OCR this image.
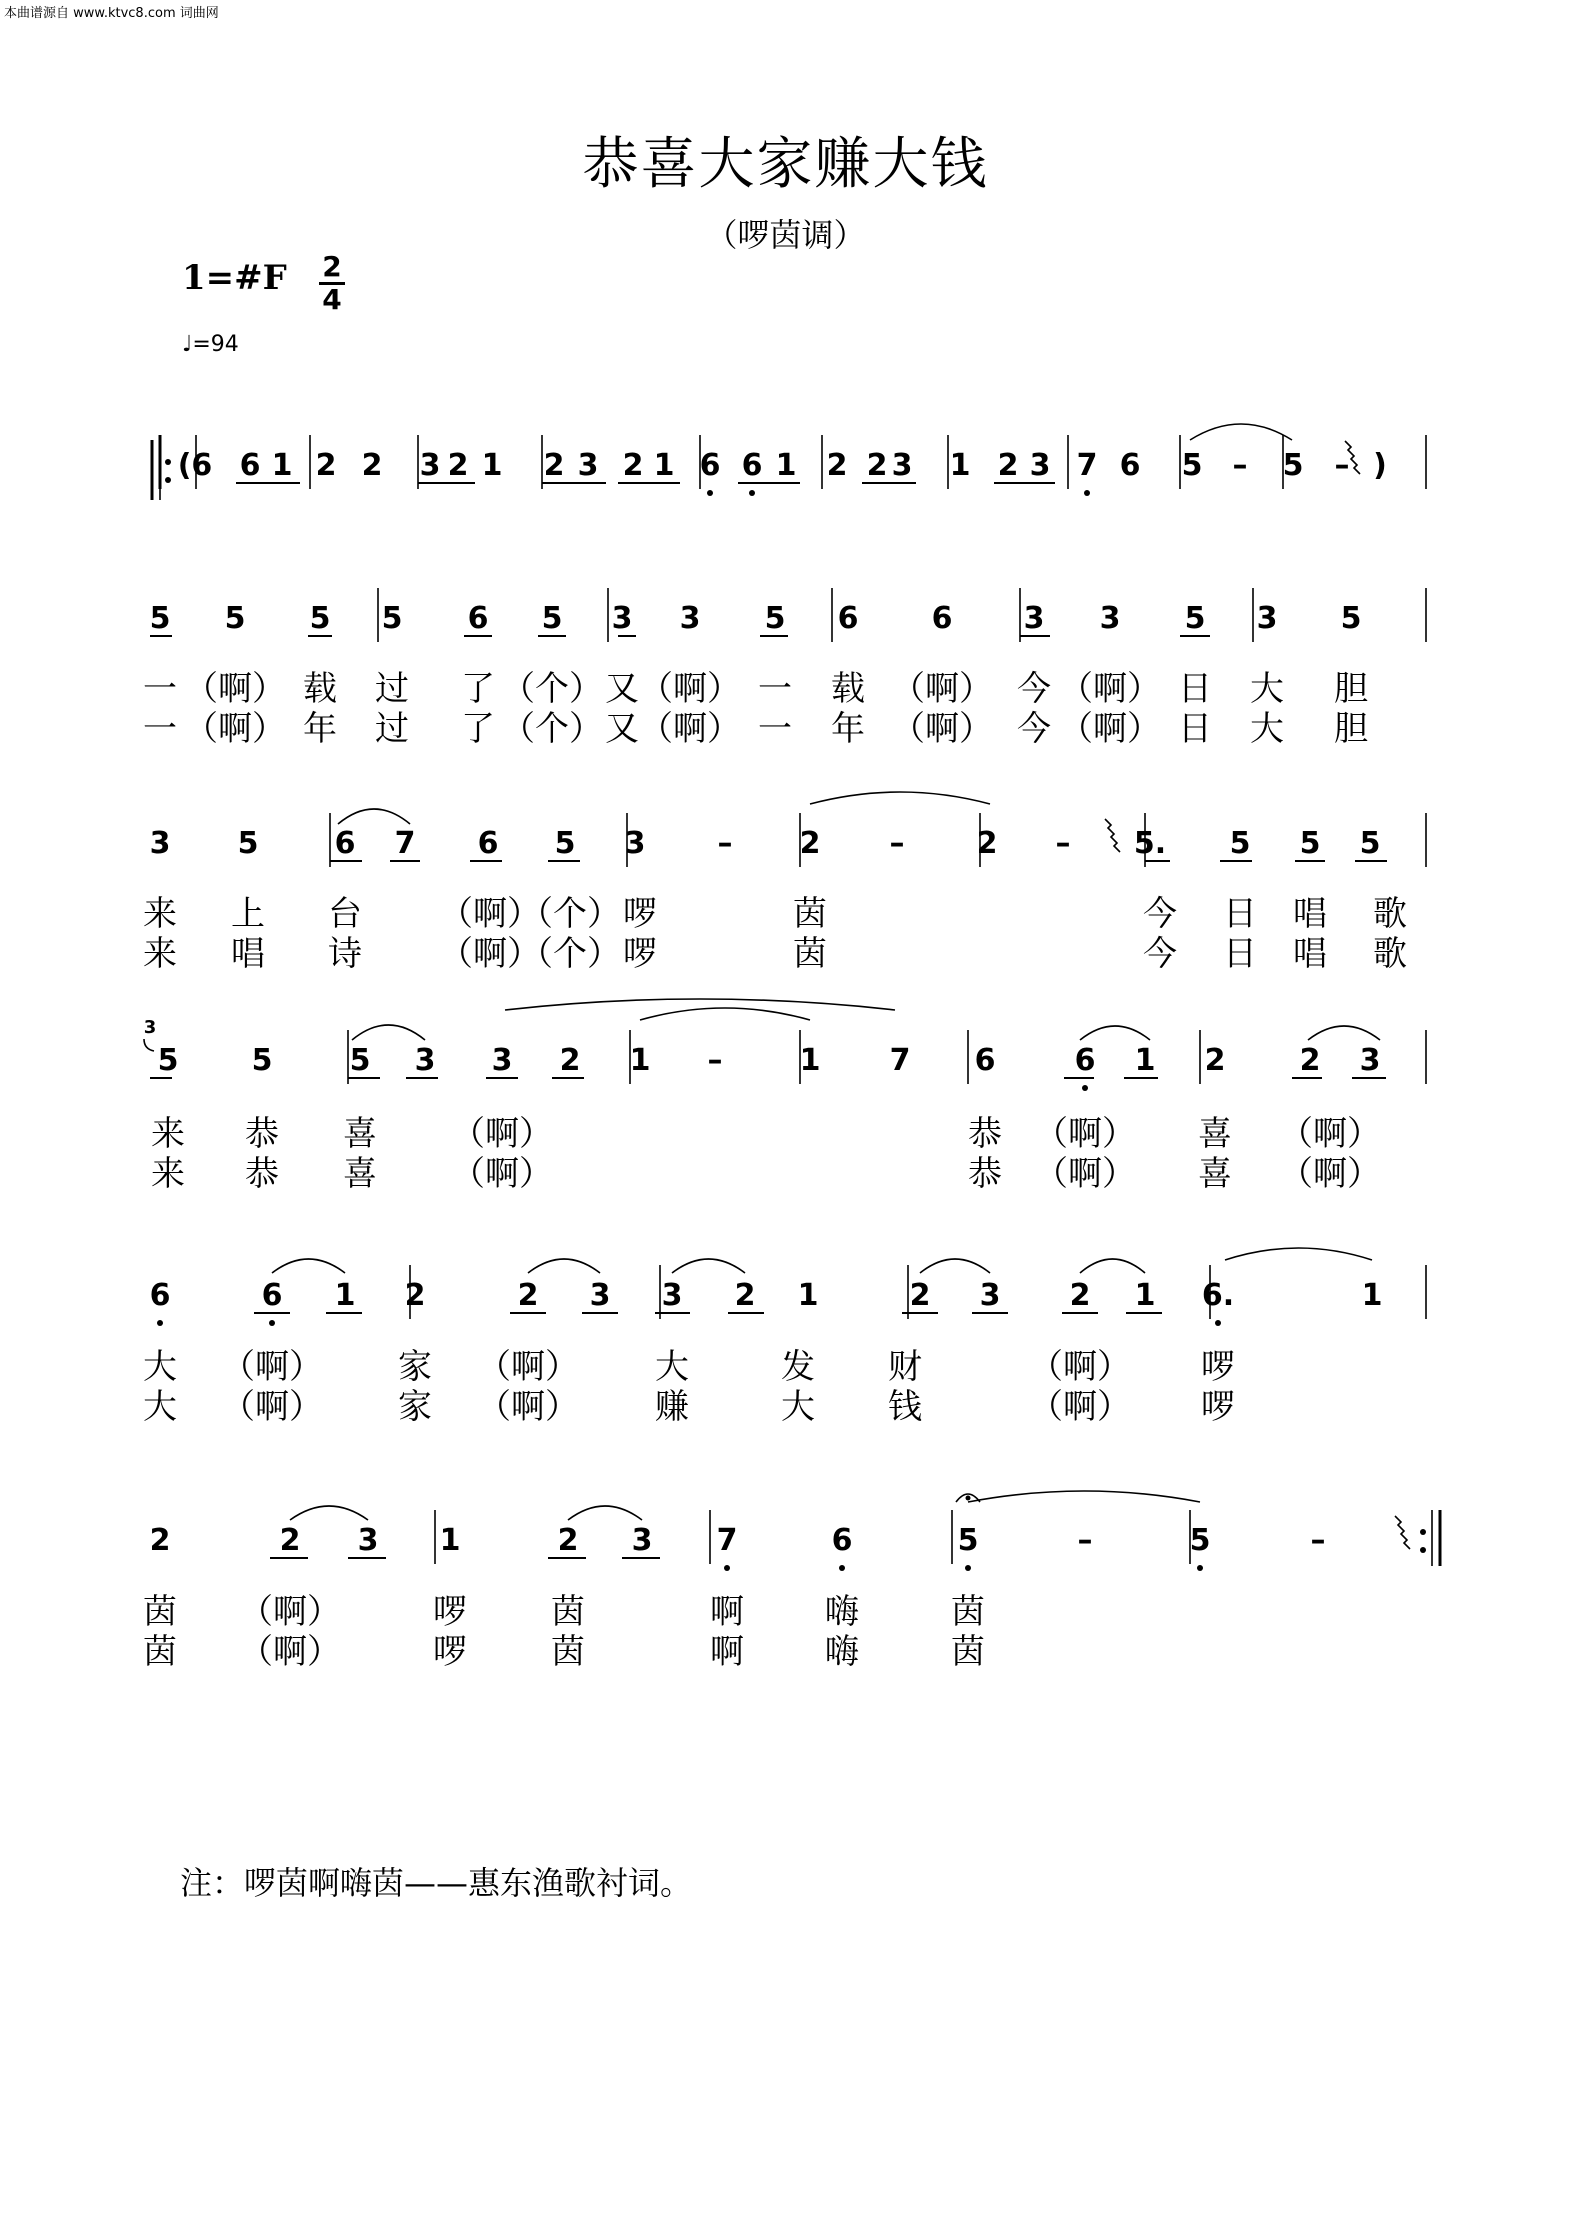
本曲谱源自 www.ktvc8.com 词曲网
恭喜大家赚大钱
（啰茵调）
1=#F 2
4
♩=94
(6 6 1 2 2 3 2 1 2 3 2 1 6 6 1 2 2 3 1 2 3 7 6 5 – 5 – )
5 5 5 5 6 5 3 3 5 6 6 3 3 5 3 5
一 （啊） 载 过 了 （个） 又 （啊） 一 载 （啊） 今 （啊） 日 大 胆
一 （啊） 年 过 了 （个） 又 （啊） 一 年 （啊） 今 （啊） 日 大 胆
3 5	6 7 6 5 3 – 2 – 2 – 5. 5 5 5
来 上 台 （啊）
（个） 啰	茵	今 日 唱 歌
来 唱 诗 （啊）
（个） 啰	茵	今 日 唱 歌
5 5	5 3 3 2 1 –	1 7 6	6 1 2 2 3
3
来 恭 喜 （啊）	恭 （啊） 喜 （啊）
来 恭 喜 （啊）	恭 （啊） 喜 （啊）
6	6 1 2	2 3 3 2 1	2 3 2 1 6.	1
大 （啊） 家 （啊） 大	发 财	（啊） 啰
大 （啊） 家 （啊） 赚	大 钱	（啊） 啰
2	2 3 1	2 3 7	6	5	–	5	–
茵 （啊）	啰 茵	啊 嗨	茵
茵 （啊）	啰 茵	啊 嗨	茵
注：啰茵啊嗨茵——惠东渔歌衬词。
